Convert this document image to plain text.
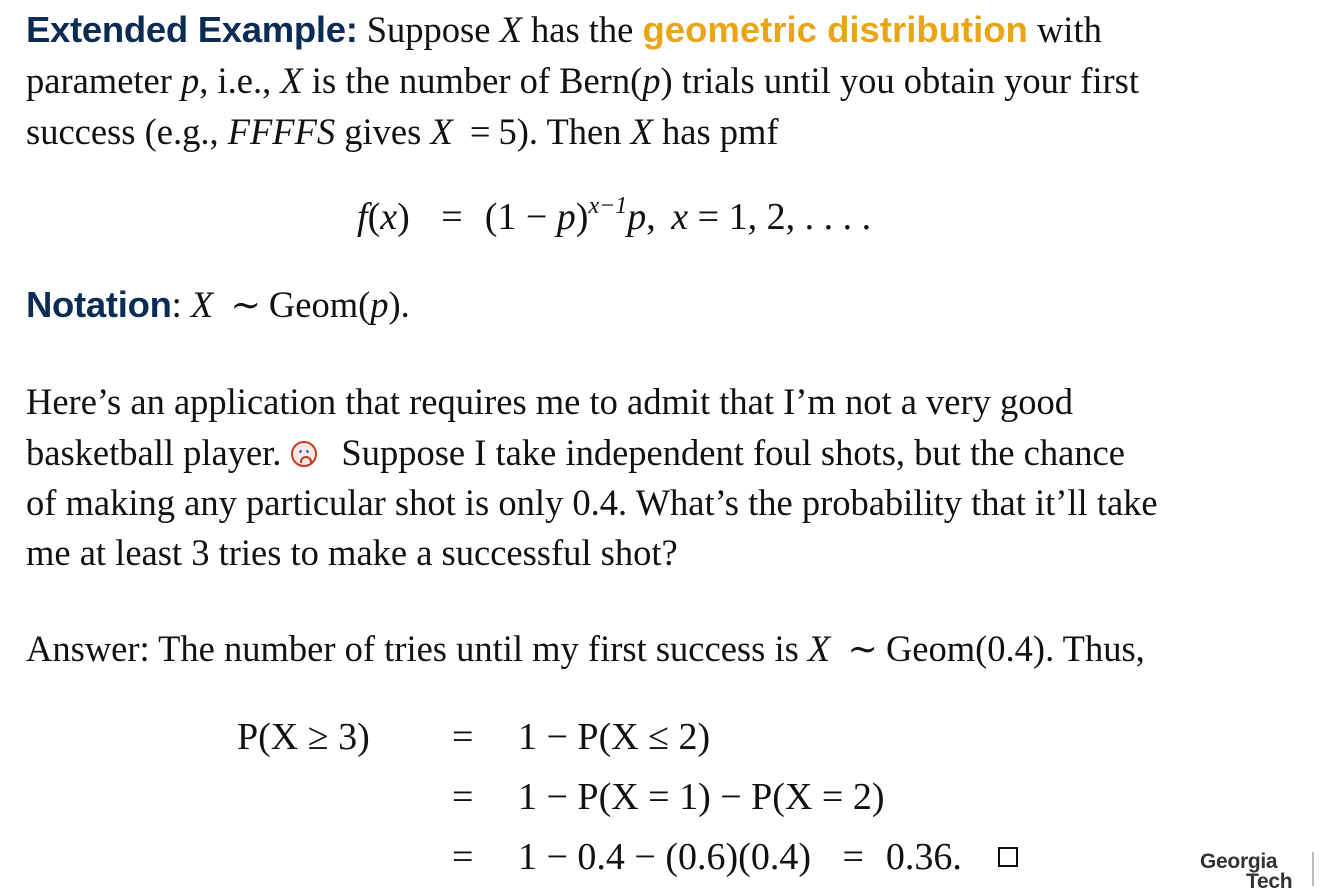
Extended Example: Suppose X has the geometric distribution with
parameter p, i.e., X is the number of Bern(p) trials until you obtain your first
success (e.g., FFFFS gives X = 5). Then X has pmf
$f(x) = (1 - p)^{x-1}p$, x = 1, 2, . . . .
Notation: X ∼ Geom(p).
Here’s an application that requires me to admit that I’m not a very good
basketball player. Suppose I take independent foul shots, but the chance
of making any particular shot is only 0.4. What’s the probability that it’ll take
me at least 3 tries to make a successful shot?
Answer: The number of tries until my first success is X ∼ Geom(0.4). Thus,
P(X ≥ 3) = 1 − P(X ≤ 2)
= 1 − P(X = 1) − P(X = 2)
= 1 − 0.4 − (0.6)(0.4) = 0.36.	Georgia
Tech
